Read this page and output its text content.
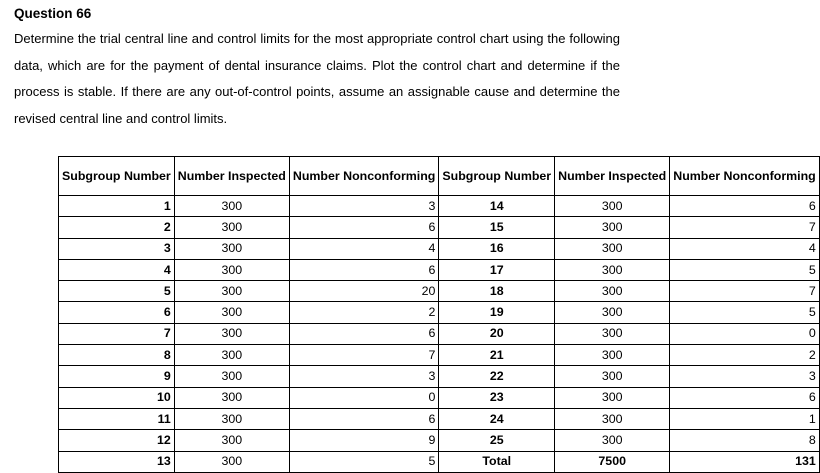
Question 66
Determine the trial central line and control limits for the most appropriate control chart using the following data, which are for the payment of dental insurance claims. Plot the control chart and determine if the process is stable. If there are any out-of-control points, assume an assignable cause and determine the revised central line and control limits.
Subgroup Number	Number Inspected	Number Nonconforming	Subgroup Number	Number Inspected	Number Nonconforming
1	300	3	14	300	6
2	300	6	15	300	7
3	300	4	16	300	4
4	300	6	17	300	5
5	300	20	18	300	7
6	300	2	19	300	5
7	300	6	20	300	0
8	300	7	21	300	2
9	300	3	22	300	3
10	300	0	23	300	6
11	300	6	24	300	1
12	300	9	25	300	8
13	300	5	Total	7500	131
